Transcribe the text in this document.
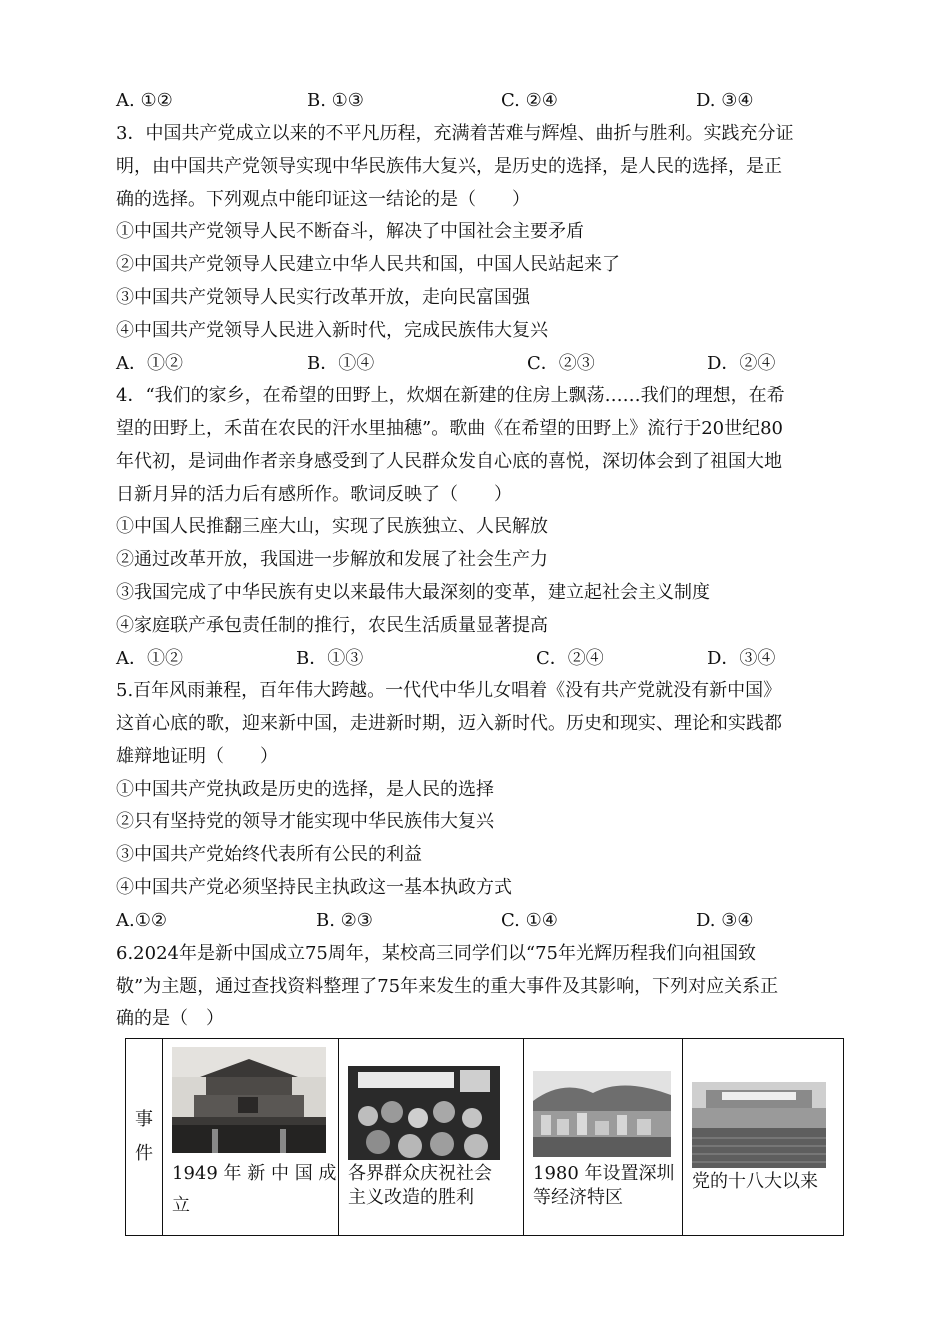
A. ①②	B. ①③	C. ②④	D. ③④
3．中国共产党成立以来的不平凡历程，充满着苦难与辉煌、曲折与胜利。实践充分证
明，由中国共产党领导实现中华民族伟大复兴，是历史的选择，是人民的选择，是正
确的选择。下列观点中能印证这一结论的是（　　）
①中国共产党领导人民不断奋斗，解决了中国社会主要矛盾
②中国共产党领导人民建立中华人民共和国，中国人民站起来了
③中国共产党领导人民实行改革开放，走向民富国强
④中国共产党领导人民进入新时代，完成民族伟大复兴
A．①②	B．①④	C．②③	D．②④
4．“我们的家乡，在希望的田野上，炊烟在新建的住房上飘荡……我们的理想，在希
望的田野上，禾苗在农民的汗水里抽穗”。歌曲《在希望的田野上》流行于20世纪80
年代初，是词曲作者亲身感受到了人民群众发自心底的喜悦，深切体会到了祖国大地
日新月异的活力后有感所作。歌词反映了（　　）
①中国人民推翻三座大山，实现了民族独立、人民解放
②通过改革开放，我国进一步解放和发展了社会生产力
③我国完成了中华民族有史以来最伟大最深刻的变革，建立起社会主义制度
④家庭联产承包责任制的推行，农民生活质量显著提高
A．①②	B．①③	C．②④	D．③④
5.百年风雨兼程，百年伟大跨越。一代代中华儿女唱着《没有共产党就没有新中国》
这首心底的歌，迎来新中国，走进新时期，迈入新时代。历史和现实、理论和实践都
雄辩地证明（　　）
①中国共产党执政是历史的选择，是人民的选择
②只有坚持党的领导才能实现中华民族伟大复兴
③中国共产党始终代表所有公民的利益
④中国共产党必须坚持民主执政这一基本执政方式
A.①②	B. ②③	C. ①④	D. ③④
6.2024年是新中国成立75周年，某校高三同学们以“75年光辉历程我们向祖国致
敬”为主题，通过查找资料整理了75年来发生的重大事件及其影响，下列对应关系正
确的是（　）
事
件

1949 年 新 中 国 成
立

各界群众庆祝社会
主义改造的胜利

1980 年设置深圳
等经济特区

党的十八大以来
